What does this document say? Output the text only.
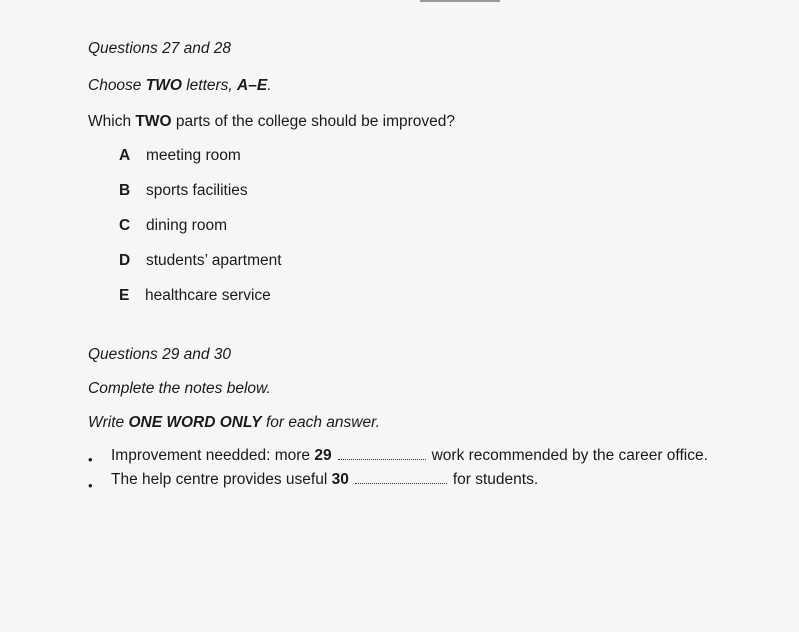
Questions 27 and 28
Choose TWO letters, A–E.
Which TWO parts of the college should be improved?
A meeting room
B sports facilities
C dining room
D students’ apartment
E healthcare service
Questions 29 and 30
Complete the notes below.
Write ONE WORD ONLY for each answer.
• Improvement needded: more 29	work recommended by the career office.
• The help centre provides useful 30	for students.
